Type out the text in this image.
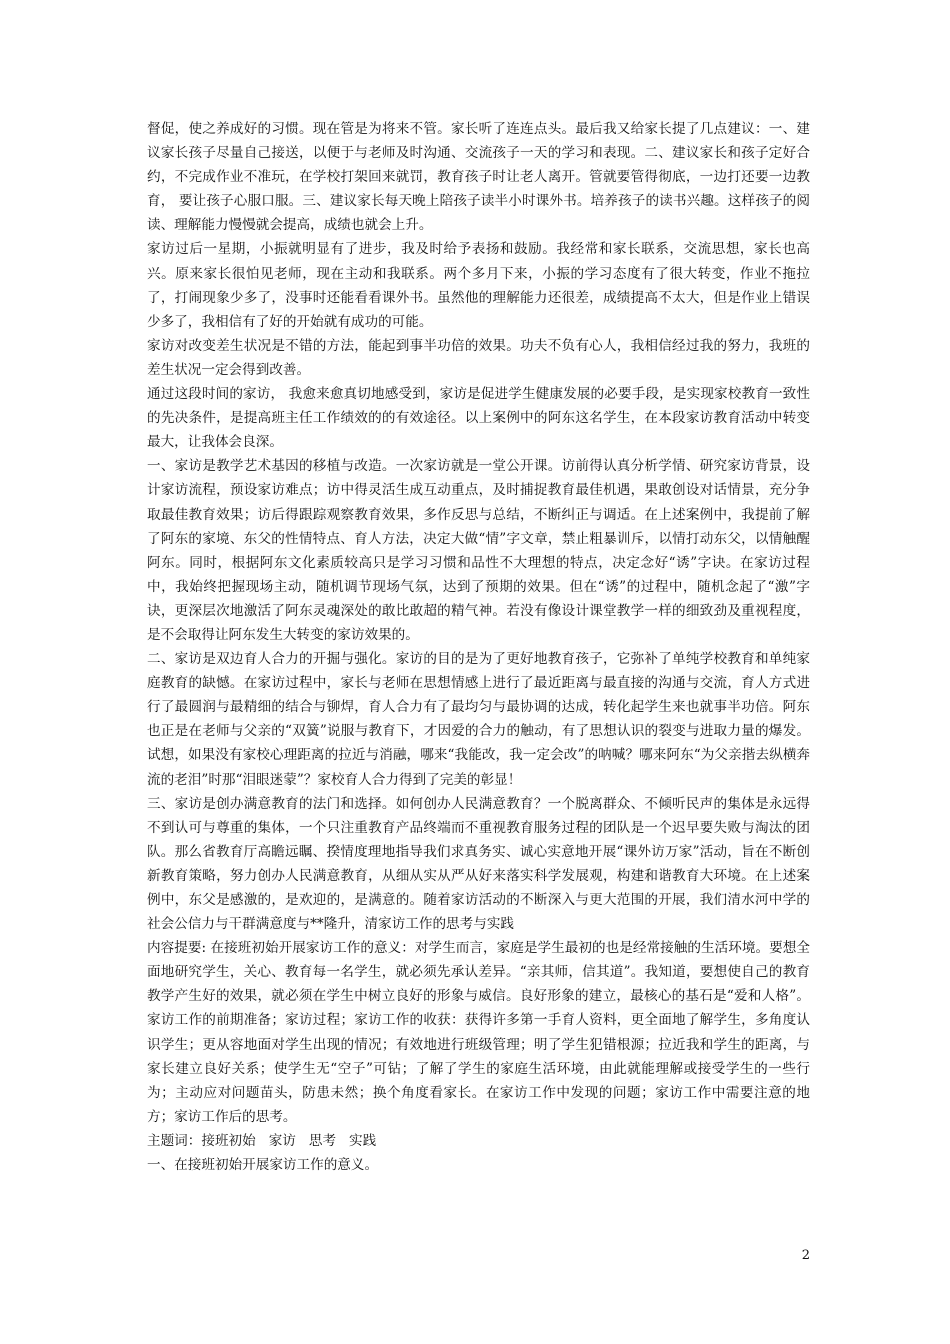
督促，使之养成好的习惯。现在管是为将来不管。家长听了连连点头。最后我又给家长提了几点建议：一、建议家长孩子尽量自己接送，以便于与老师及时沟通、交流孩子一天的学习和表现。二、建议家长和孩子定好合约，不完成作业不准玩，在学校打架回来就罚，教育孩子时让老人离开。管就要管得彻底，一边打还要一边教育， 要让孩子心服口服。三、建议家长每天晚上陪孩子读半小时课外书。培养孩子的读书兴趣。这样孩子的阅读、理解能力慢慢就会提高，成绩也就会上升。

家访过后一星期，小振就明显有了进步，我及时给予表扬和鼓励。我经常和家长联系，交流思想，家长也高兴。原来家长很怕见老师，现在主动和我联系。两个多月下来，小振的学习态度有了很大转变，作业不拖拉了，打闹现象少多了，没事时还能看看课外书。虽然他的理解能力还很差，成绩提高不太大，但是作业上错误少多了，我相信有了好的开始就有成功的可能。

家访对改变差生状况是不错的方法，能起到事半功倍的效果。功夫不负有心人，我相信经过我的努力，我班的差生状况一定会得到改善。

通过这段时间的家访， 我愈来愈真切地感受到，家访是促进学生健康发展的必要手段，是实现家校教育一致性的先决条件，是提高班主任工作绩效的的有效途径。以上案例中的阿东这名学生，在本段家访教育活动中转变最大，让我体会良深。

一、家访是教学艺术基因的移植与改造。一次家访就是一堂公开课。访前得认真分析学情、研究家访背景，设计家访流程，预设家访难点；访中得灵活生成互动重点，及时捕捉教育最佳机遇，果敢创设对话情景，充分争取最佳教育效果；访后得跟踪观察教育效果，多作反思与总结，不断纠正与调适。在上述案例中，我提前了解了阿东的家境、东父的性情特点、育人方法，决定大做“情”字文章，禁止粗暴训斥，以情打动东父，以情触醒阿东。同时，根据阿东文化素质较高只是学习习惯和品性不大理想的特点，决定念好“诱”字诀。在家访过程中，我始终把握现场主动，随机调节现场气氛，达到了预期的效果。但在“诱”的过程中，随机念起了“激”字诀，更深层次地激活了阿东灵魂深处的敢比敢超的精气神。若没有像设计课堂教学一样的细致劲及重视程度，是不会取得让阿东发生大转变的家访效果的。

二、家访是双边育人合力的开掘与强化。家访的目的是为了更好地教育孩子，它弥补了单纯学校教育和单纯家庭教育的缺憾。在家访过程中，家长与老师在思想情感上进行了最近距离与最直接的沟通与交流，育人方式进行了最圆润与最精细的结合与铆焊，育人合力有了最均匀与最协调的达成，转化起学生来也就事半功倍。阿东也正是在老师与父亲的“双簧”说服与教育下，才因爱的合力的触动，有了思想认识的裂变与进取力量的爆发。试想，如果没有家校心理距离的拉近与消融，哪来“我能改，我一定会改”的呐喊？哪来阿东“为父亲揩去纵横奔流的老泪”时那“泪眼迷蒙”？家校育人合力得到了完美的彰显！

三、家访是创办满意教育的法门和选择。如何创办人民满意教育？一个脱离群众、不倾听民声的集体是永远得不到认可与尊重的集体，一个只注重教育产品终端而不重视教育服务过程的团队是一个迟早要失败与淘汰的团队。那么省教育厅高瞻远瞩、揆情度理地指导我们求真务实、诚心实意地开展“课外访万家”活动，旨在不断创新教育策略，努力创办人民满意教育，从细从实从严从好来落实科学发展观，构建和谐教育大环境。在上述案例中，东父是感激的，是欢迎的，是满意的。随着家访活动的不断深入与更大范围的开展，我们清水河中学的社会公信力与干群满意度与**隆升，清家访工作的思考与实践

内容提要: 在接班初始开展家访工作的意义：对学生而言，家庭是学生最初的也是经常接触的生活环境。要想全面地研究学生，关心、教育每一名学生，就必须先承认差异。“亲其师，信其道”。我知道，要想使自己的教育教学产生好的效果，就必须在学生中树立良好的形象与威信。良好形象的建立，最核心的基石是“爱和人格”。家访工作的前期准备；家访过程；家访工作的收获：获得许多第一手育人资料，更全面地了解学生，多角度认识学生；更从容地面对学生出现的情况；有效地进行班级管理；明了学生犯错根源；拉近我和学生的距离，与家长建立良好关系；使学生无“空子”可钻；了解了学生的家庭生活环境，由此就能理解或接受学生的一些行为；主动应对问题苗头，防患未然；换个角度看家长。在家访工作中发现的问题；家访工作中需要注意的地方；家访工作后的思考。

主题词：接班初始   家访   思考   实践

一、在接班初始开展家访工作的意义。

2
